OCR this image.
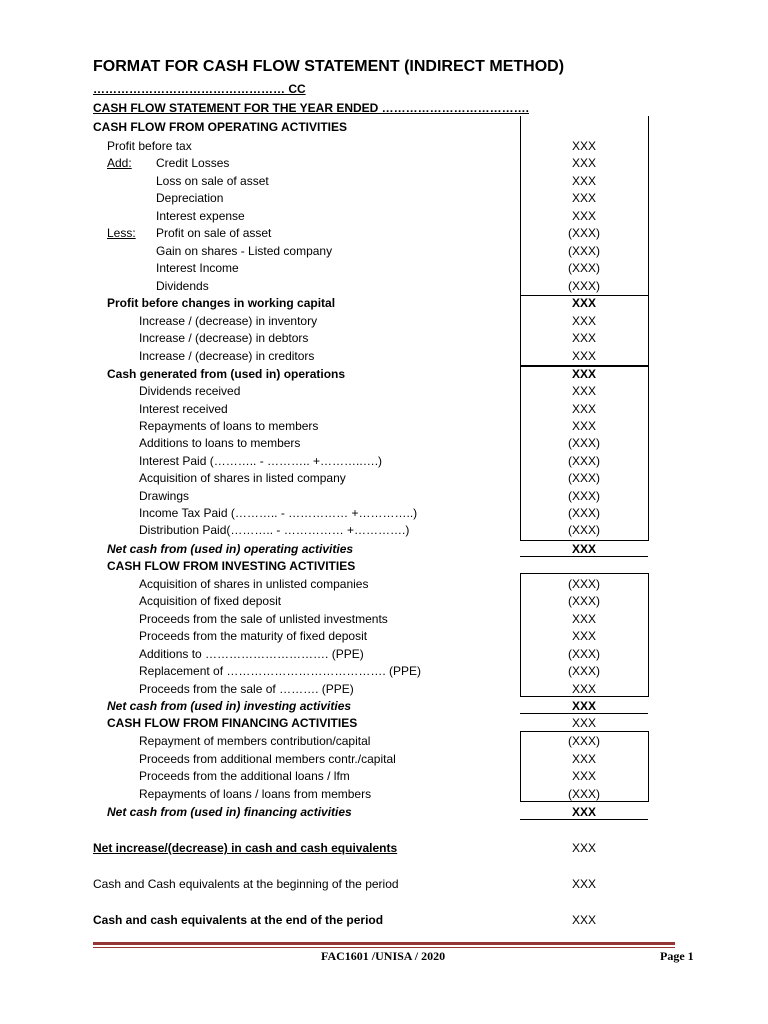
FORMAT FOR CASH FLOW STATEMENT (INDIRECT METHOD)
………………………………………… CC
CASH FLOW STATEMENT FOR THE YEAR ENDED ……………………………….
CASH FLOW FROM OPERATING ACTIVITIES
Profit before tax	XXX
Add: Credit Losses	XXX
Loss on sale of asset	XXX
Depreciation	XXX
Interest expense	XXX
Less: Profit on sale of asset	(XXX)
Gain on shares - Listed company	(XXX)
Interest Income	(XXX)
Dividends	(XXX)
Profit before changes in working capital	XXX
Increase / (decrease) in inventory	XXX
Increase / (decrease) in debtors	XXX
Increase / (decrease) in creditors	XXX
Cash generated from (used in) operations	XXX
Dividends received	XXX
Interest received	XXX
Repayments of loans to members	XXX
Additions to loans to members	(XXX)
Interest Paid (……….. - ……….. +………..….)	(XXX)
Acquisition of shares in listed company	(XXX)
Drawings	(XXX)
Income Tax Paid (……….. - …………… +…………..)	(XXX)
Distribution Paid(……….. - …………… +………….)	(XXX)
Net cash from (used in) operating activities	XXX
CASH FLOW FROM INVESTING ACTIVITIES
Acquisition of shares in unlisted companies	(XXX)
Acquisition of fixed deposit	(XXX)
Proceeds from the sale of unlisted investments	XXX
Proceeds from the maturity of fixed deposit	XXX
Additions to …………………………. (PPE)	(XXX)
Replacement of …………………………………. (PPE)	(XXX)
Proceeds from the sale of ………. (PPE)	XXX
Net cash from (used in) investing activities	XXX
CASH FLOW FROM FINANCING ACTIVITIES	XXX
Repayment of members contribution/capital	(XXX)
Proceeds from additional members contr./capital	XXX
Proceeds from the additional loans / lfm	XXX
Repayments of loans / loans from members	(XXX)
Net cash from (used in) financing activities	XXX
Net increase/(decrease) in cash and cash equivalents	XXX
Cash and Cash equivalents at the beginning of the period	XXX
Cash and cash equivalents at the end of the period	XXX
FAC1601 /UNISA / 2020	Page 1
